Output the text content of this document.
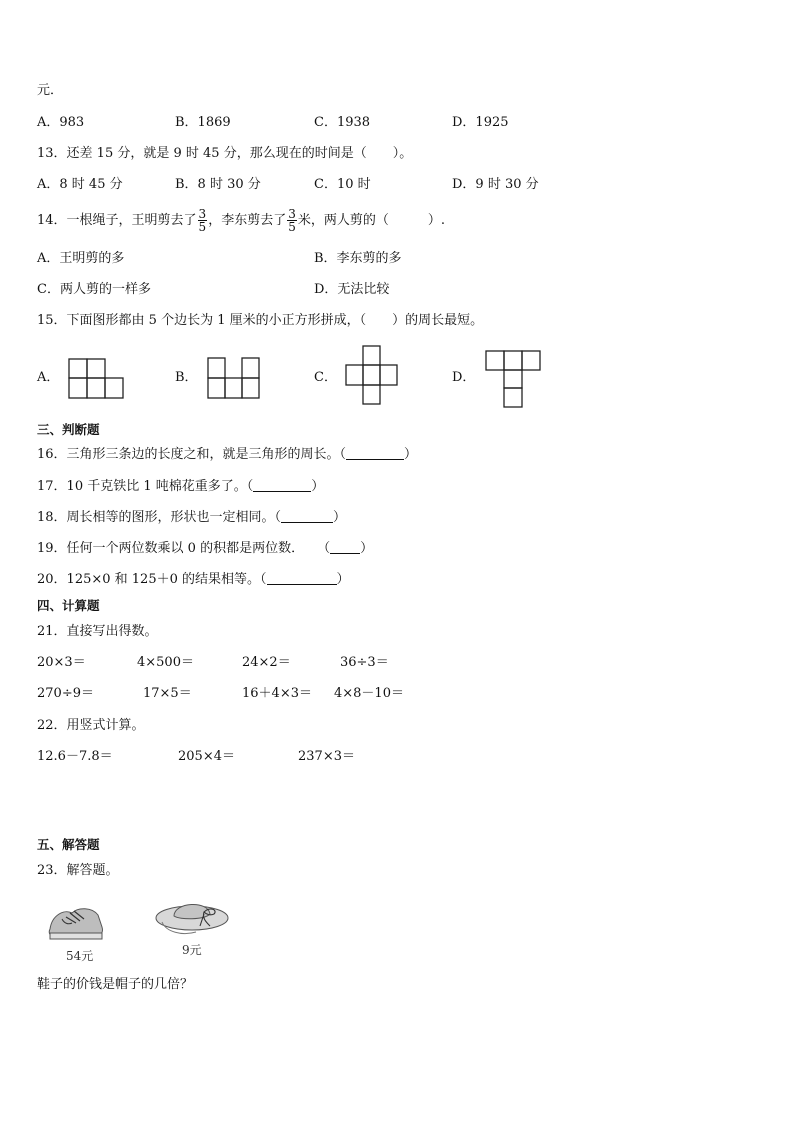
元．
A．983	B．1869	C．1938	D．1925
13．还差 15 分，就是 9 时 45 分，那么现在的时间是（　　）。
A．8 时 45 分	B．8 时 30 分	C．10 时	D．9 时 30 分
14．一根绳子，王明剪去了 $\frac{3}{5}$ ，李东剪去了 $\frac{3}{5}$ 米，两人剪的（　　　）.
A．王明剪的多	B．李东剪的多
C．两人剪的一样多	D．无法比较
15．下面图形都由 5 个边长为 1 厘米的小正方形拼成，（　　）的周长最短。
A．	B．	C．	D．
三、判断题
16．三角形三条边的长度之和，就是三角形的周长。（	）
17．10 千克铁比 1 吨棉花重多了。（	）
18．周长相等的图形，形状也一定相同。（	）
19．任何一个两位数乘以 0 的积都是两位数．　　（ ）
20．125×0 和 125＋0 的结果相等。（	）
四、计算题
21．直接写出得数。
20×3＝	4×500＝	24×2＝	36÷3＝
270÷9＝	17×5＝	16＋4×3＝ 4×8－10＝
22．用竖式计算。
12.6－7.8＝	205×4＝	237×3＝
五、解答题
23．解答题。
54元	9元
鞋子的价钱是帽子的几倍？
